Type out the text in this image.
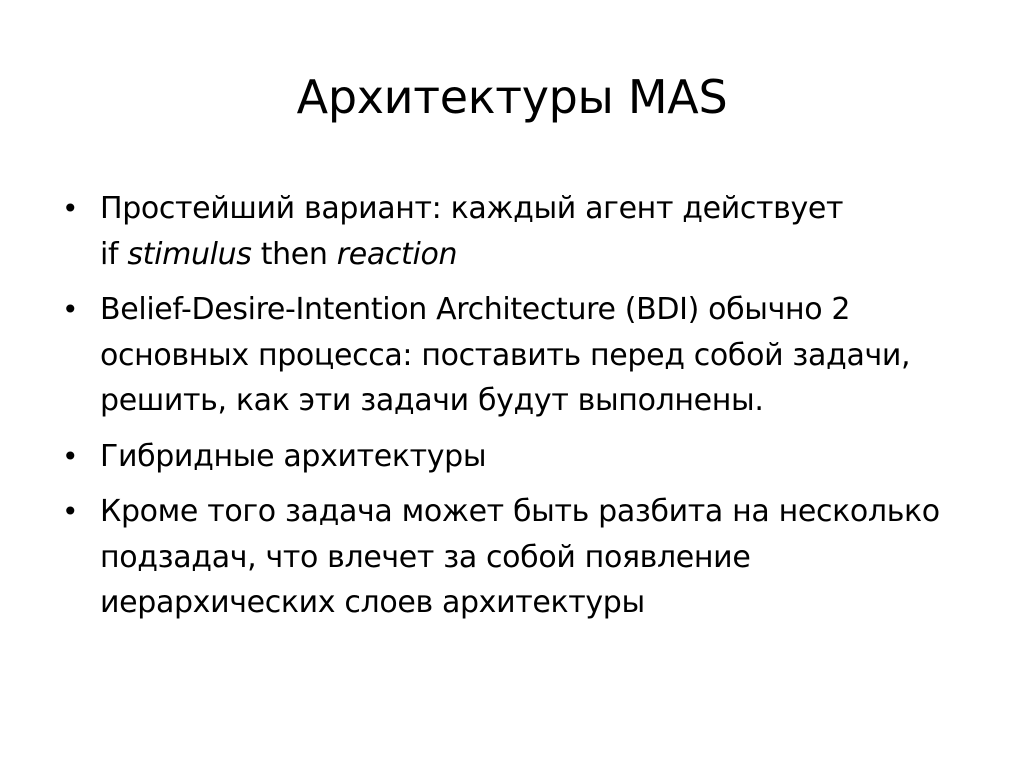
Архитектуры MAS
• Простейший вариант: каждый агент действует
if stimulus then reaction
• Belief-Desire-Intention Architecture (BDI) обычно 2 основных процесса: поставить перед собой задачи, решить, как эти задачи будут выполнены.
• Гибридные архитектуры
• Кроме того задача может быть разбита на несколько подзадач, что влечет за собой появление иерархических слоев архитектуры
